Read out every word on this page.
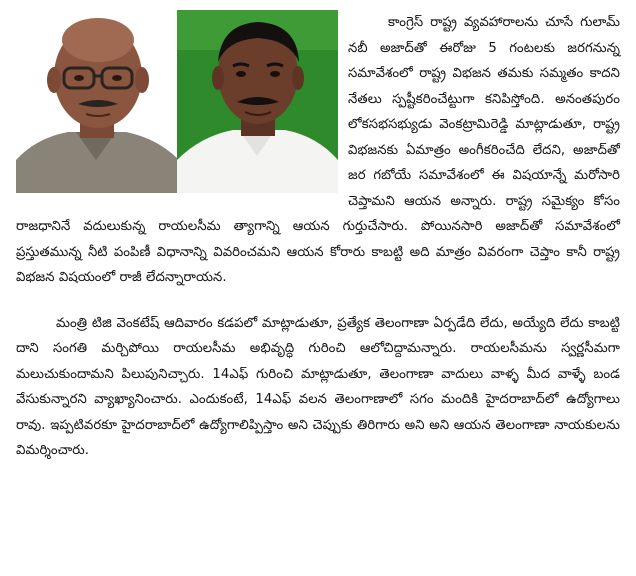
కాంగ్రెస్ రాష్ట్ర వ్యవహారాలను చూసే గులామ్ నబీ అజాద్‌తో ఈరోజు 5 గంటలకు జరగనున్న సమావేశంలో రాష్ట్ర విభజన తమకు సమ్మతం కాదని నేతలు స్పష్టీకరించేట్టుగా కనిపిస్తోంది. అనంతపురం లోకసభసభ్యుడు వెంకట్రామిరెడ్డి మాట్లాడుతూ, రాష్ట్ర విభజనకు ఏమాత్రం అంగీకరించేది లేదని, అజాద్‌తో జర గబోయే సమావేశంలో ఈ విషయాన్నే మరోసారి చెప్తామని ఆయన అన్నారు. రాష్ట్ర సమైక్యం కోసం రాజధానినే వదులుకున్న రాయలసీమ త్యాగాన్ని ఆయన గుర్తుచేసారు. పోయినసారి అజాద్‌తో సమావేశంలో ప్రస్తుతమున్న నీటి పంపిణీ విధానాన్ని వివరించమని ఆయన కోరారు కాబట్టి అది మాత్రం వివరంగా చెప్తాం కానీ రాష్ట్ర విభజన విషయంలో రాజీ లేదన్నారాయన.

మంత్రి టిజి వెంకటేష్ ఆదివారం కడపలో మాట్లాడుతూ, ప్రత్యేక తెలంగాణా ఏర్పడేది లేదు, అయ్యేది లేదు కాబట్టి దాని సంగతి మర్చిపోయి రాయలసీమ అభివృద్ధి గురించి ఆలోచిద్దామన్నారు. రాయలసీమను స్వర్ణసీమగా మలుచుకుందామని పిలుపునిచ్చారు. 14ఎఫ్ గురించి మాట్లాడుతూ, తెలంగాణా వాదులు వాళ్ళ మీద వాళ్ళే బండ వేసుకున్నారని వ్యాఖ్యానించారు. ఎందుకంటే, 14ఎఫ్ వలన తెలంగాణాలో సగం మందికి హైదరాబాద్‌లో ఉద్యోగాలు రావు. ఇప్పటివరకూ హైదరాబాద్‌లో ఉద్యోగాలిప్పిస్తాం అని చెప్పుకు తిరిగారు అని అని ఆయన తెలంగాణా నాయకులను విమర్శించారు.
